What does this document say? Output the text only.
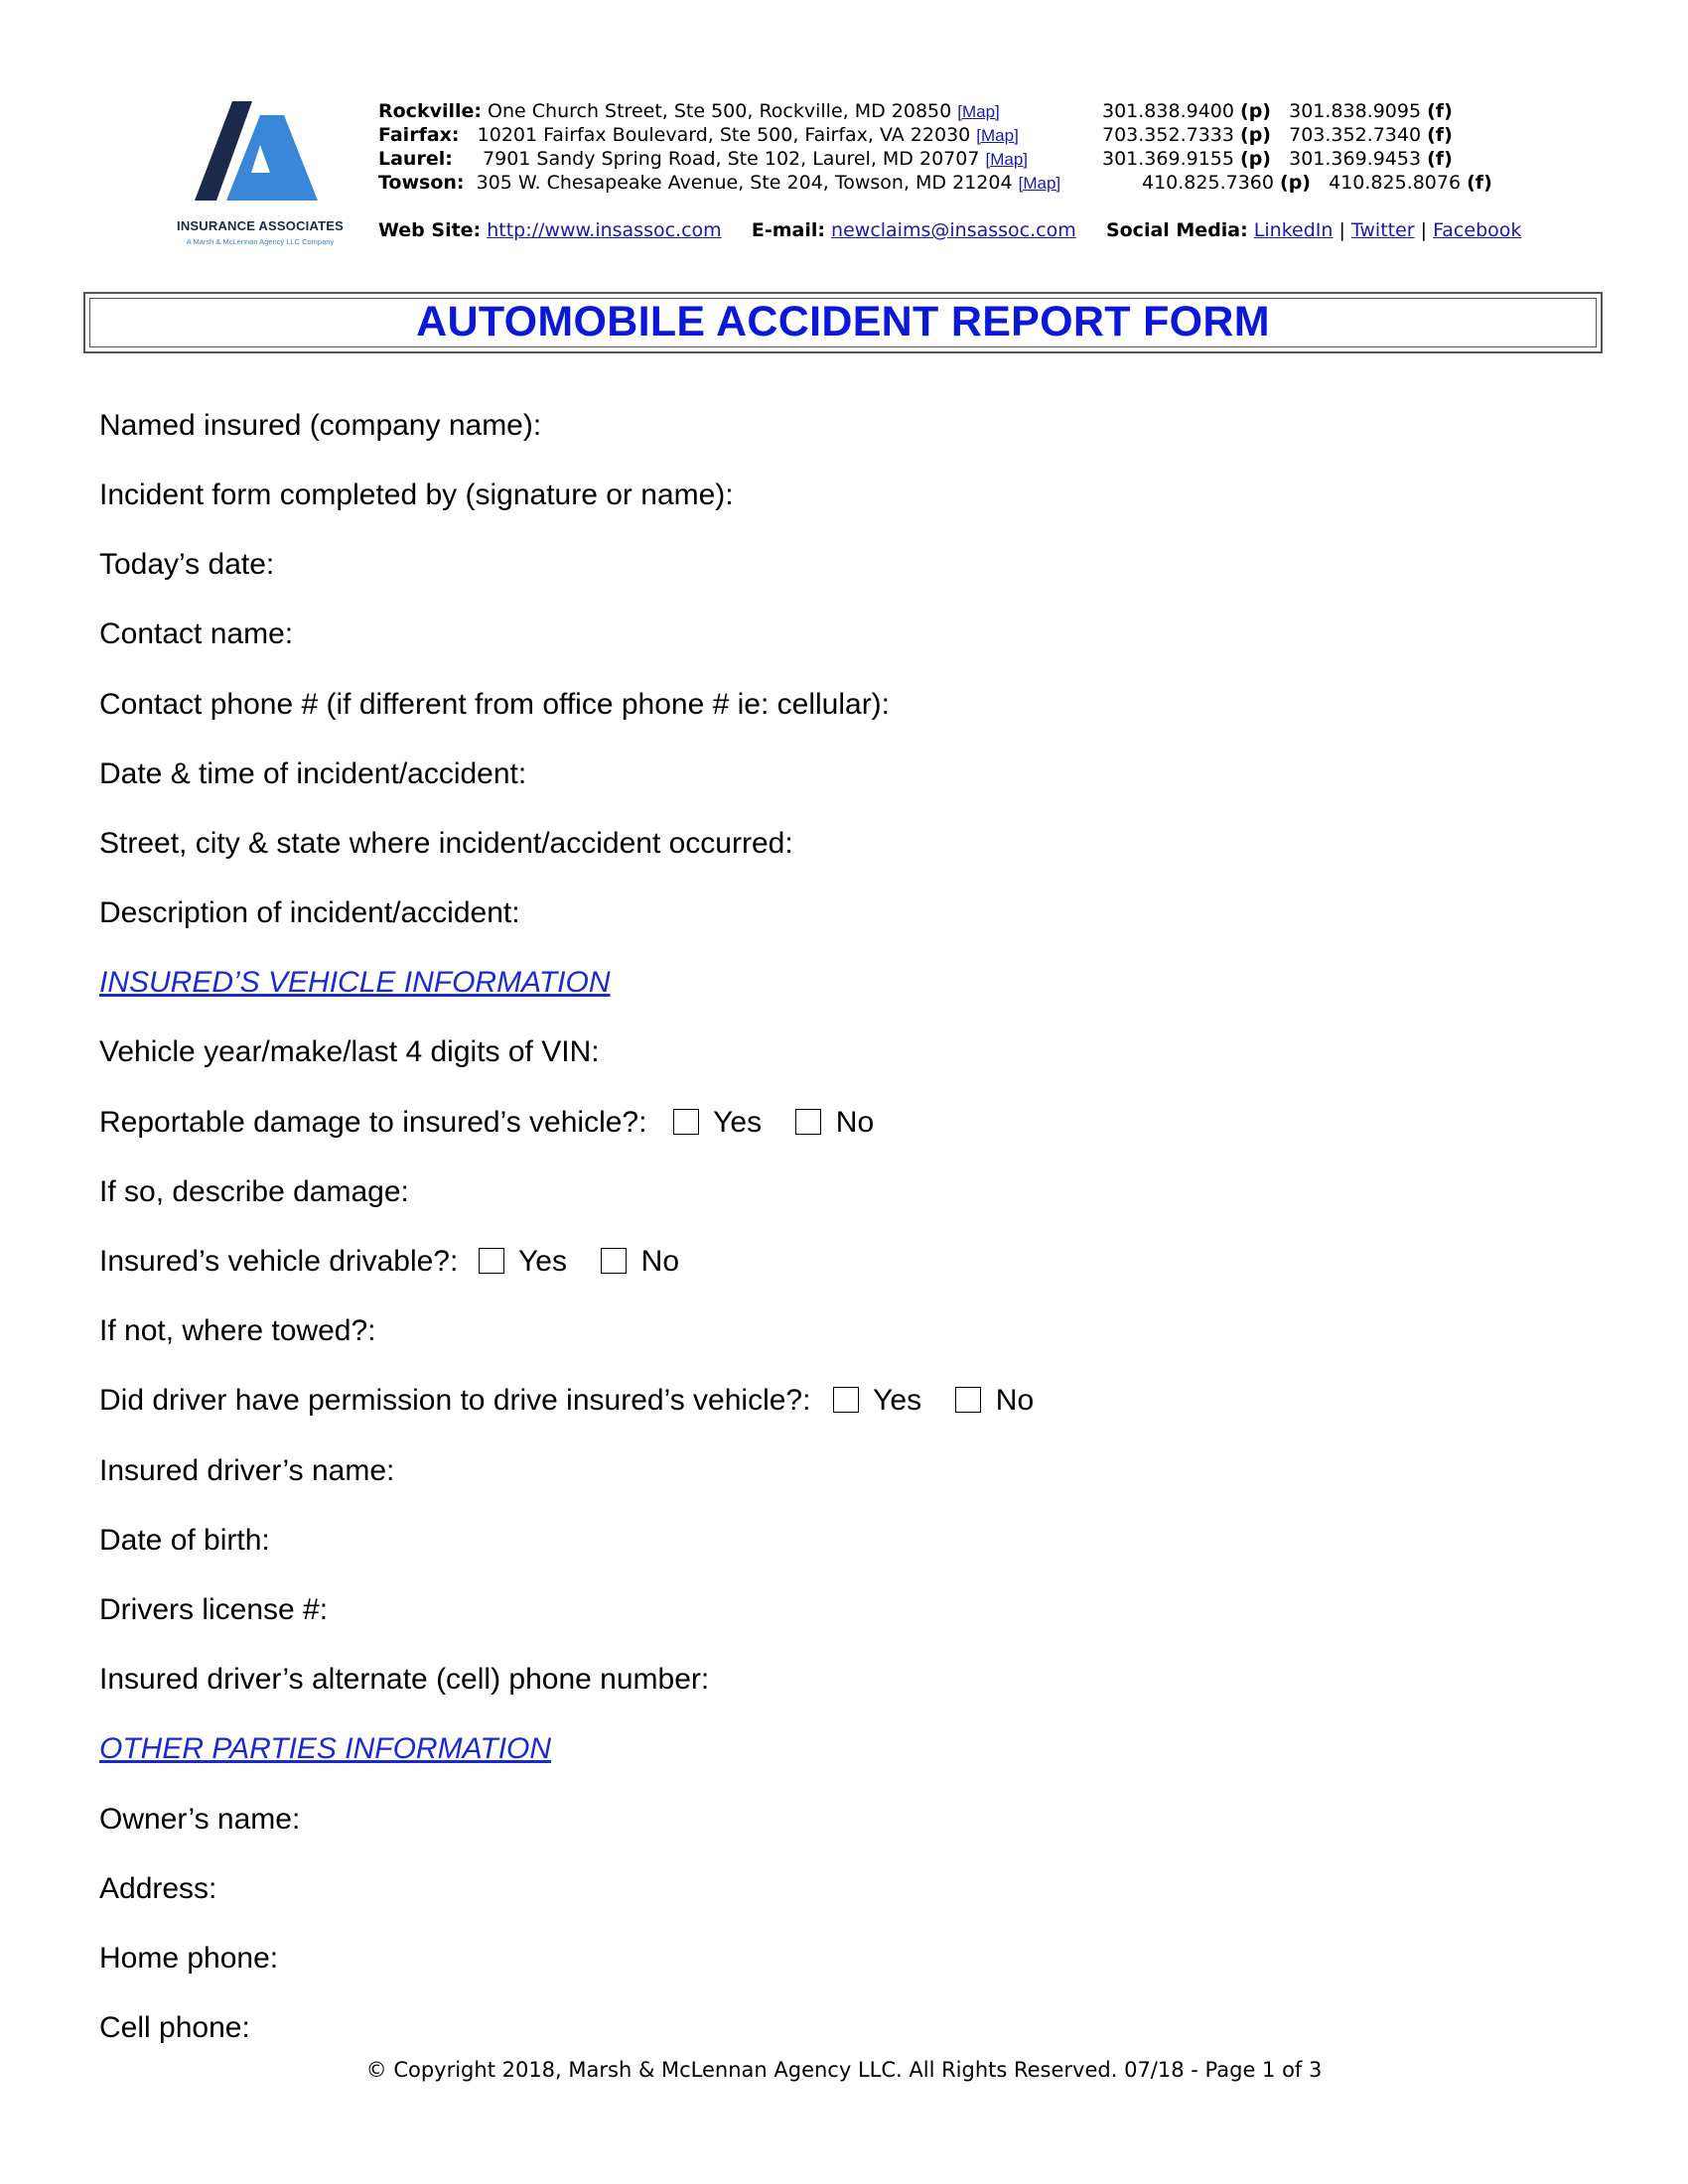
INSURANCE ASSOCIATES
A Marsh & McLennan Agency LLC Company
Rockville: One Church Street, Ste 500, Rockville, MD 20850 [Map]
Fairfax: 10201 Fairfax Boulevard, Ste 500, Fairfax, VA 22030 [Map]
Laurel: 7901 Sandy Spring Road, Ste 102, Laurel, MD 20707 [Map]
Towson: 305 W. Chesapeake Avenue, Ste 204, Towson, MD 21204 [Map]
301.838.9400 (p) 301.838.9095 (f)
703.352.7333 (p) 703.352.7340 (f)
301.369.9155 (p) 301.369.9453 (f)
410.825.7360 (p) 410.825.8076 (f)
Web Site: http://www.insassoc.com E-mail: newclaims@insassoc.com Social Media: LinkedIn | Twitter | Facebook
AUTOMOBILE ACCIDENT REPORT FORM
Named insured (company name):
Incident form completed by (signature or name):
Today’s date:
Contact name:
Contact phone # (if different from office phone # ie: cellular):
Date & time of incident/accident:
Street, city & state where incident/accident occurred:
Description of incident/accident:
INSURED’S VEHICLE INFORMATION
Vehicle year/make/last 4 digits of VIN:
Reportable damage to insured’s vehicle?: Yes No
If so, describe damage:
Insured’s vehicle drivable?: Yes No
If not, where towed?:
Did driver have permission to drive insured’s vehicle?: Yes No
Insured driver’s name:
Date of birth:
Drivers license #:
Insured driver’s alternate (cell) phone number:
OTHER PARTIES INFORMATION
Owner’s name:
Address:
Home phone:
Cell phone:
© Copyright 2018, Marsh & McLennan Agency LLC. All Rights Reserved. 07/18 - Page 1 of 3
